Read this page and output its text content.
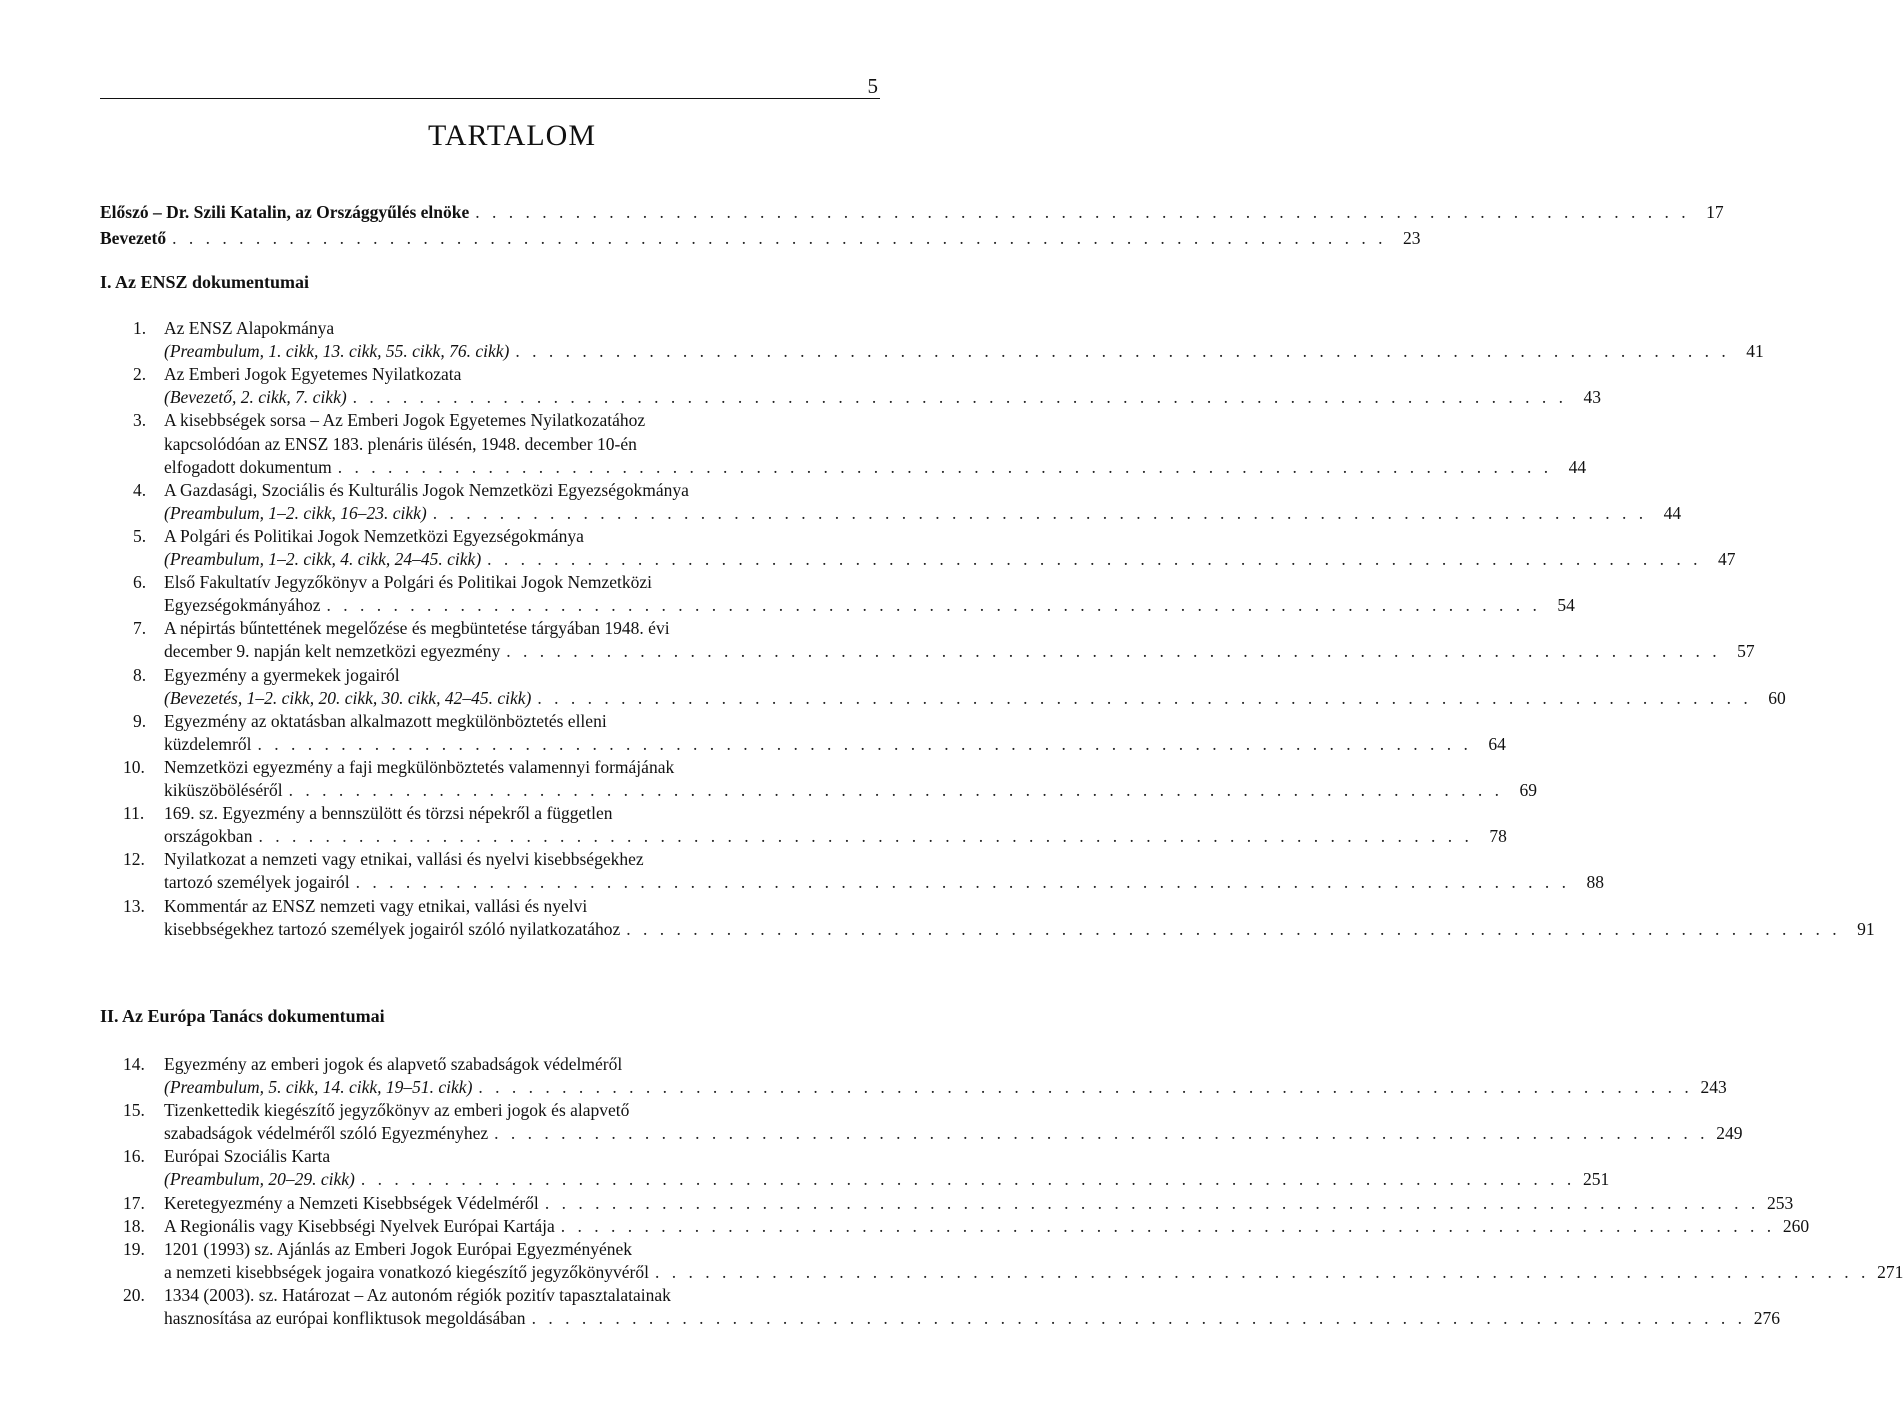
5
TARTALOM
Előszó – Dr. Szili Katalin, az Országgyűlés elnöke . . . . . . . . . . . . . . . . . . . . . . . . . . . . . . . . . . . . . . . . . . . . . . . . . . . . . . . . . . . . . . . . . . . . . . . . . 17
Bevezető . . . . . . . . . . . . . . . . . . . . . . . . . . . . . . . . . . . . . . . . . . . . . . . . . . . . . . . . . . . . . . . . . . . . . . . . . 23
I. Az ENSZ dokumentumai
1. Az ENSZ Alapokmánya
(Preambulum, 1. cikk, 13. cikk, 55. cikk, 76. cikk) . . . . . . . . . . . . . . . . . . . . . . . . . . . . . . . . . . . . . . . . . . . . . . . . . . . . . . . . . . . . . . . . . . . . . . . . . 41
2. Az Emberi Jogok Egyetemes Nyilatkozata
(Bevezető, 2. cikk, 7. cikk) . . . . . . . . . . . . . . . . . . . . . . . . . . . . . . . . . . . . . . . . . . . . . . . . . . . . . . . . . . . . . . . . . . . . . . . . . 43
3. A kisebbségek sorsa – Az Emberi Jogok Egyetemes Nyilatkozatához
kapcsolódóan az ENSZ 183. plenáris ülésén, 1948. december 10-én
elfogadott dokumentum . . . . . . . . . . . . . . . . . . . . . . . . . . . . . . . . . . . . . . . . . . . . . . . . . . . . . . . . . . . . . . . . . . . . . . . . . 44
4. A Gazdasági, Szociális és Kulturális Jogok Nemzetközi Egyezségokmánya
(Preambulum, 1–2. cikk, 16–23. cikk) . . . . . . . . . . . . . . . . . . . . . . . . . . . . . . . . . . . . . . . . . . . . . . . . . . . . . . . . . . . . . . . . . . . . . . . . . 44
5. A Polgári és Politikai Jogok Nemzetközi Egyezségokmánya
(Preambulum, 1–2. cikk, 4. cikk, 24–45. cikk) . . . . . . . . . . . . . . . . . . . . . . . . . . . . . . . . . . . . . . . . . . . . . . . . . . . . . . . . . . . . . . . . . . . . . . . . . 47
6. Első Fakultatív Jegyzőkönyv a Polgári és Politikai Jogok Nemzetközi
Egyezségokmányához . . . . . . . . . . . . . . . . . . . . . . . . . . . . . . . . . . . . . . . . . . . . . . . . . . . . . . . . . . . . . . . . . . . . . . . . . 54
7. A népirtás bűntettének megelőzése és megbüntetése tárgyában 1948. évi
december 9. napján kelt nemzetközi egyezmény . . . . . . . . . . . . . . . . . . . . . . . . . . . . . . . . . . . . . . . . . . . . . . . . . . . . . . . . . . . . . . . . . . . . . . . . . 57
8. Egyezmény a gyermekek jogairól
(Bevezetés, 1–2. cikk, 20. cikk, 30. cikk, 42–45. cikk) . . . . . . . . . . . . . . . . . . . . . . . . . . . . . . . . . . . . . . . . . . . . . . . . . . . . . . . . . . . . . . . . . . . . . . . . . 60
9. Egyezmény az oktatásban alkalmazott megkülönböztetés elleni
küzdelemről . . . . . . . . . . . . . . . . . . . . . . . . . . . . . . . . . . . . . . . . . . . . . . . . . . . . . . . . . . . . . . . . . . . . . . . . . 64
10. Nemzetközi egyezmény a faji megkülönböztetés valamennyi formájának
kiküszöböléséről . . . . . . . . . . . . . . . . . . . . . . . . . . . . . . . . . . . . . . . . . . . . . . . . . . . . . . . . . . . . . . . . . . . . . . . . . 69
11. 169. sz. Egyezmény a bennszülött és törzsi népekről a független
országokban . . . . . . . . . . . . . . . . . . . . . . . . . . . . . . . . . . . . . . . . . . . . . . . . . . . . . . . . . . . . . . . . . . . . . . . . . 78
12. Nyilatkozat a nemzeti vagy etnikai, vallási és nyelvi kisebbségekhez
tartozó személyek jogairól . . . . . . . . . . . . . . . . . . . . . . . . . . . . . . . . . . . . . . . . . . . . . . . . . . . . . . . . . . . . . . . . . . . . . . . . . 88
13. Kommentár az ENSZ nemzeti vagy etnikai, vallási és nyelvi
kisebbségekhez tartozó személyek jogairól szóló nyilatkozatához . . . . . . . . . . . . . . . . . . . . . . . . . . . . . . . . . . . . . . . . . . . . . . . . . . . . . . . . . . . . . . . . . . . . . . . . . 91
II. Az Európa Tanács dokumentumai
14. Egyezmény az emberi jogok és alapvető szabadságok védelméről
(Preambulum, 5. cikk, 14. cikk, 19–51. cikk) . . . . . . . . . . . . . . . . . . . . . . . . . . . . . . . . . . . . . . . . . . . . . . . . . . . . . . . . . . . . . . . . . . . . . . . . . 243
15. Tizenkettedik kiegészítő jegyzőkönyv az emberi jogok és alapvető
szabadságok védelméről szóló Egyezményhez . . . . . . . . . . . . . . . . . . . . . . . . . . . . . . . . . . . . . . . . . . . . . . . . . . . . . . . . . . . . . . . . . . . . . . . . . 249
16. Európai Szociális Karta
(Preambulum, 20–29. cikk) . . . . . . . . . . . . . . . . . . . . . . . . . . . . . . . . . . . . . . . . . . . . . . . . . . . . . . . . . . . . . . . . . . . . . . . . . 251
17. Keretegyezmény a Nemzeti Kisebbségek Védelméről . . . . . . . . . . . . . . . . . . . . . . . . . . . . . . . . . . . . . . . . . . . . . . . . . . . . . . . . . . . . . . . . . . . . . . . . . 253
18. A Regionális vagy Kisebbségi Nyelvek Európai Kartája . . . . . . . . . . . . . . . . . . . . . . . . . . . . . . . . . . . . . . . . . . . . . . . . . . . . . . . . . . . . . . . . . . . . . . . . . 260
19. 1201 (1993) sz. Ajánlás az Emberi Jogok Európai Egyezményének
a nemzeti kisebbségek jogaira vonatkozó kiegészítő jegyzőkönyvéről . . . . . . . . . . . . . . . . . . . . . . . . . . . . . . . . . . . . . . . . . . . . . . . . . . . . . . . . . . . . . . . . . . . . . . . . . 271
20. 1334 (2003). sz. Határozat – Az autonóm régiók pozitív tapasztalatainak
hasznosítása az európai konfliktusok megoldásában . . . . . . . . . . . . . . . . . . . . . . . . . . . . . . . . . . . . . . . . . . . . . . . . . . . . . . . . . . . . . . . . . . . . . . . . . 276
